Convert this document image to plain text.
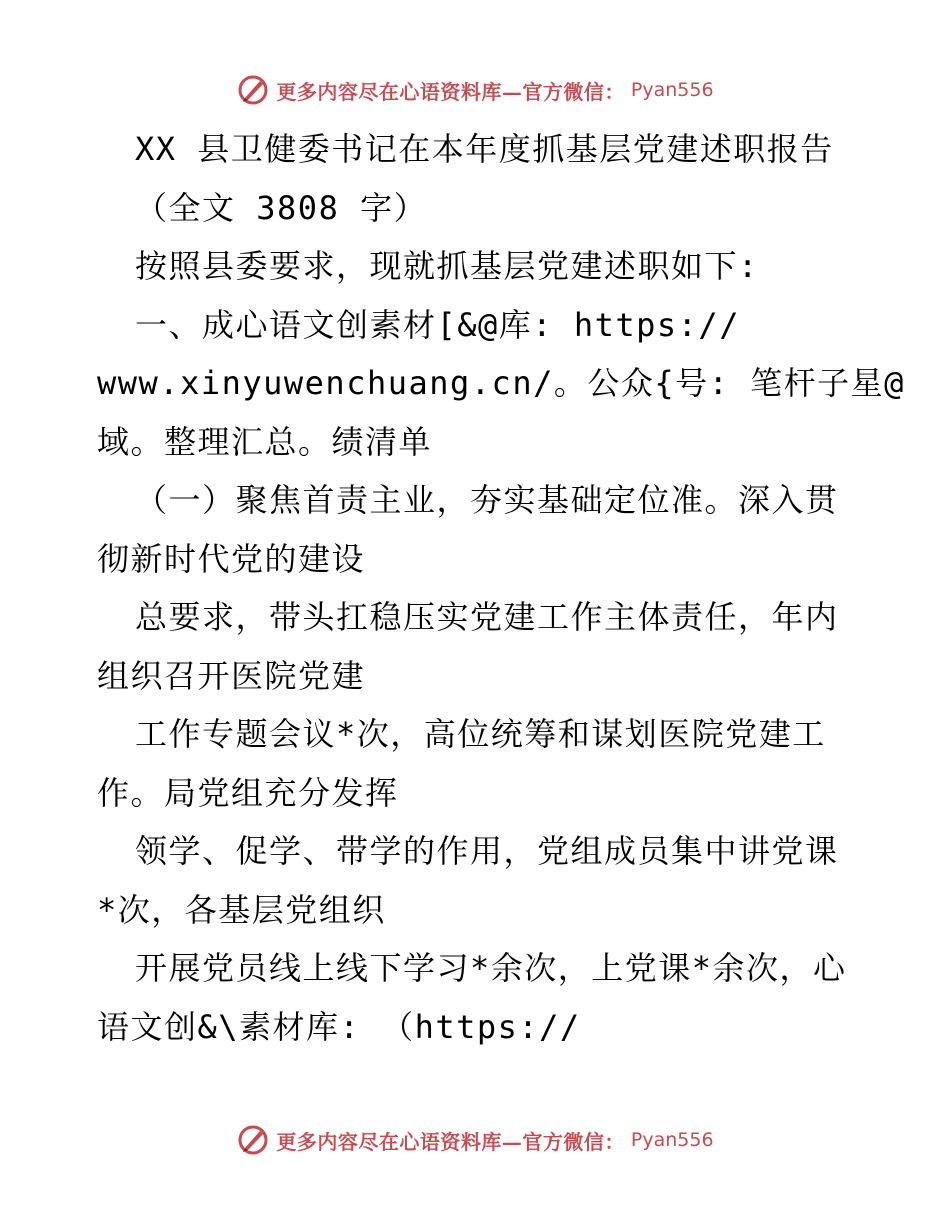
更多内容尽在心语资料库—官方微信： Pyan556
XX 县卫健委书记在本年度抓基层党建述职报告
（全文 3808 字）
按照县委要求，现就抓基层党建述职如下:
一、成心语文创素材[&@库: https://
www.xinyuwenchuang.cn/。公众{号: 笔杆子星@
域。整理汇总。绩清单
（一）聚焦首责主业，夯实基础定位准。深入贯
彻新时代党的建设
总要求，带头扛稳压实党建工作主体责任，年内
组织召开医院党建
工作专题会议*次，高位统筹和谋划医院党建工
作。局党组充分发挥
领学、促学、带学的作用，党组成员集中讲党课
*次，各基层党组织
开展党员线上线下学习*余次，上党课*余次，心
语文创&\素材库: （https://
更多内容尽在心语资料库—官方微信： Pyan556
